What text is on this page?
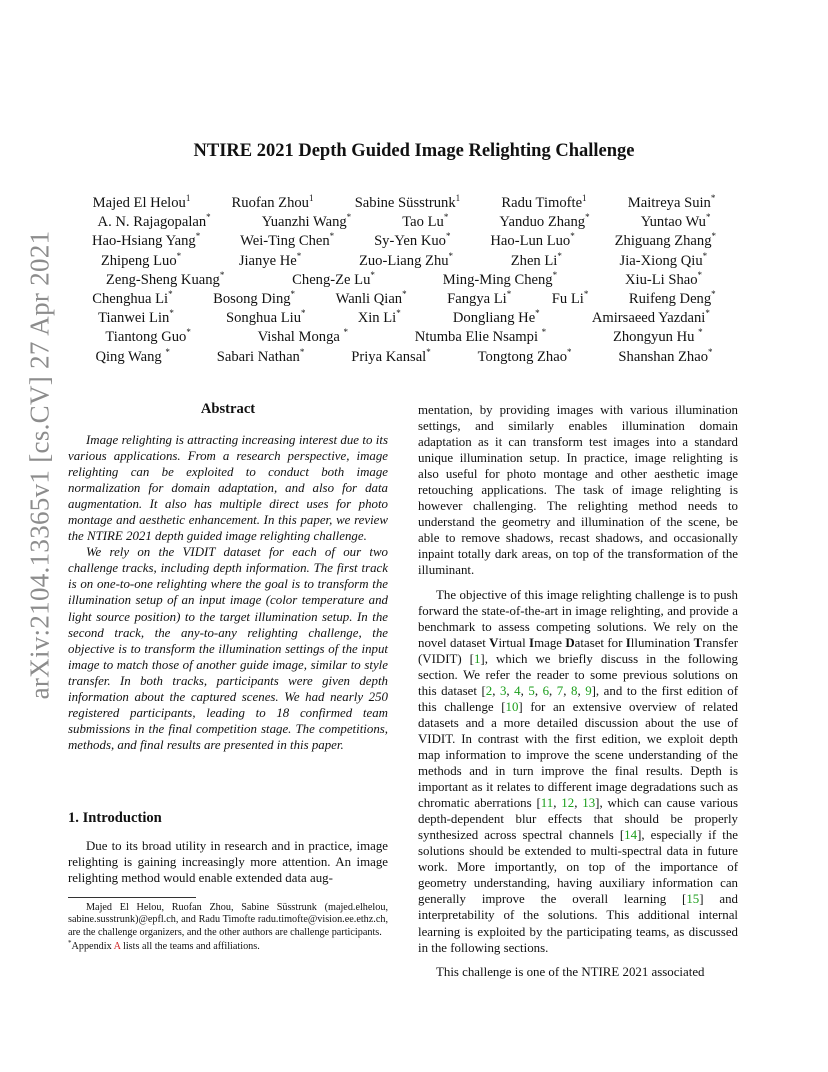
arXiv:2104.13365v1 [cs.CV] 27 Apr 2021
NTIRE 2021 Depth Guided Image Relighting Challenge
Majed El Helou$^1$	Ruofan Zhou$^1$	Sabine Süsstrunk$^1$	Radu Timofte$^1$	Maitreya Suin*
A. N. Rajagopalan*	Yuanzhi Wang*	Tao Lu*	Yanduo Zhang*	Yuntao Wu*
Hao-Hsiang Yang*	Wei-Ting Chen*	Sy-Yen Kuo*	Hao-Lun Luo*	Zhiguang Zhang*
Zhipeng Luo*	Jianye He*	Zuo-Liang Zhu*	Zhen Li*	Jia-Xiong Qiu*
Zeng-Sheng Kuang*	Cheng-Ze Lu*	Ming-Ming Cheng*	Xiu-Li Shao*
Chenghua Li*	Bosong Ding*	Wanli Qian*	Fangya Li*	Fu Li*	Ruifeng Deng*
Tianwei Lin*	Songhua Liu*	Xin Li*	Dongliang He*	Amirsaeed Yazdani*
Tiantong Guo*	Vishal Monga *	Ntumba Elie Nsampi *	Zhongyun Hu *
Qing Wang *	Sabari Nathan*	Priya Kansal*	Tongtong Zhao*	Shanshan Zhao*
Abstract

Image relighting is attracting increasing interest due to its various applications. From a research perspective, image relighting can be exploited to conduct both image normalization for domain adaptation, and also for data augmentation. It also has multiple direct uses for photo montage and aesthetic enhancement. In this paper, we review the NTIRE 2021 depth guided image relighting challenge.

We rely on the VIDIT dataset for each of our two challenge tracks, including depth information. The first track is on one-to-one relighting where the goal is to transform the illumination setup of an input image (color temperature and light source position) to the target illumination setup. In the second track, the any-to-any relighting challenge, the objective is to transform the illumination settings of the input image to match those of another guide image, similar to style transfer. In both tracks, participants were given depth information about the captured scenes. We had nearly 250 registered participants, leading to 18 confirmed team submissions in the final competition stage. The competitions, methods, and final results are presented in this paper.

1. Introduction

Due to its broad utility in research and in practice, image relighting is gaining increasingly more attention. An image relighting method would enable extended data aug-

Majed El Helou, Ruofan Zhou, Sabine Süsstrunk (majed.elhelou, sabine.susstrunk)@epfl.ch, and Radu Timofte radu.timofte@vision.ee.ethz.ch, are the challenge organizers, and the other authors are challenge participants.

*Appendix A lists all the teams and affiliations.

mentation, by providing images with various illumination settings, and similarly enables illumination domain adaptation as it can transform test images into a standard unique illumination setup. In practice, image relighting is also useful for photo montage and other aesthetic image retouching applications. The task of image relighting is however challenging. The relighting method needs to understand the geometry and illumination of the scene, be able to remove shadows, recast shadows, and occasionally inpaint totally dark areas, on top of the transformation of the illuminant.

The objective of this image relighting challenge is to push forward the state-of-the-art in image relighting, and provide a benchmark to assess competing solutions. We rely on the novel dataset Virtual Image Dataset for Illumination Transfer (VIDIT) [1], which we briefly discuss in the following section. We refer the reader to some previous solutions on this dataset [2, 3, 4, 5, 6, 7, 8, 9], and to the first edition of this challenge [10] for an extensive overview of related datasets and a more detailed discussion about the use of VIDIT. In contrast with the first edition, we exploit depth map information to improve the scene understanding of the methods and in turn improve the final results. Depth is important as it relates to different image degradations such as chromatic aberrations [11, 12, 13], which can cause various depth-dependent blur effects that should be properly synthesized across spectral channels [14], especially if the solutions should be extended to multi-spectral data in future work. More importantly, on top of the importance of geometry understanding, having auxiliary information can generally improve the overall learning [15] and interpretability of the solutions. This additional internal learning is exploited by the participating teams, as discussed in the following sections.

This challenge is one of the NTIRE 2021 associated
